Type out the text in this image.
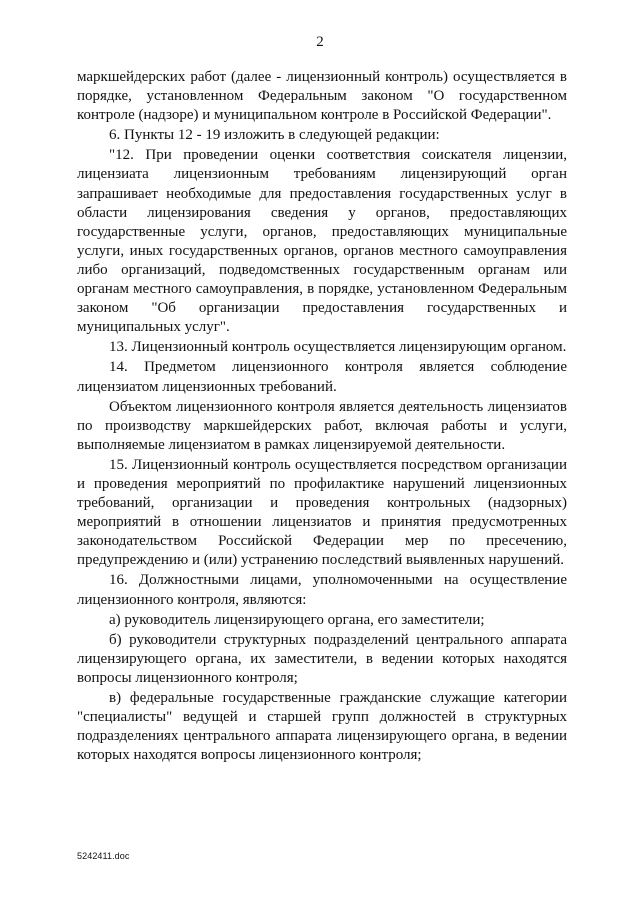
2

маркшейдерских работ (далее - лицензионный контроль) осуществляется в порядке, установленном Федеральным законом "О государственном контроле (надзоре) и муниципальном контроле в Российской Федерации".

6. Пункты 12 - 19 изложить в следующей редакции:

"12. При проведении оценки соответствия соискателя лицензии, лицензиата лицензионным требованиям лицензирующий орган запрашивает необходимые для предоставления государственных услуг в области лицензирования сведения у органов, предоставляющих государственные услуги, органов, предоставляющих муниципальные услуги, иных государственных органов, органов местного самоуправления либо организаций, подведомственных государственным органам или органам местного самоуправления, в порядке, установленном Федеральным законом "Об организации предоставления государственных и муниципальных услуг".

13. Лицензионный контроль осуществляется лицензирующим органом.

14. Предметом лицензионного контроля является соблюдение лицензиатом лицензионных требований.

Объектом лицензионного контроля является деятельность лицензиатов по производству маркшейдерских работ, включая работы и услуги, выполняемые лицензиатом в рамках лицензируемой деятельности.

15. Лицензионный контроль осуществляется посредством организации и проведения мероприятий по профилактике нарушений лицензионных требований, организации и проведения контрольных (надзорных) мероприятий в отношении лицензиатов и принятия предусмотренных законодательством Российской Федерации мер по пресечению, предупреждению и (или) устранению последствий выявленных нарушений.

16. Должностными лицами, уполномоченными на осуществление лицензионного контроля, являются:

а) руководитель лицензирующего органа, его заместители;

б) руководители структурных подразделений центрального аппарата лицензирующего органа, их заместители, в ведении которых находятся вопросы лицензионного контроля;

в) федеральные государственные гражданские служащие категории "специалисты" ведущей и старшей групп должностей в структурных подразделениях центрального аппарата лицензирующего органа, в ведении которых находятся вопросы лицензионного контроля;

5242411.doc
